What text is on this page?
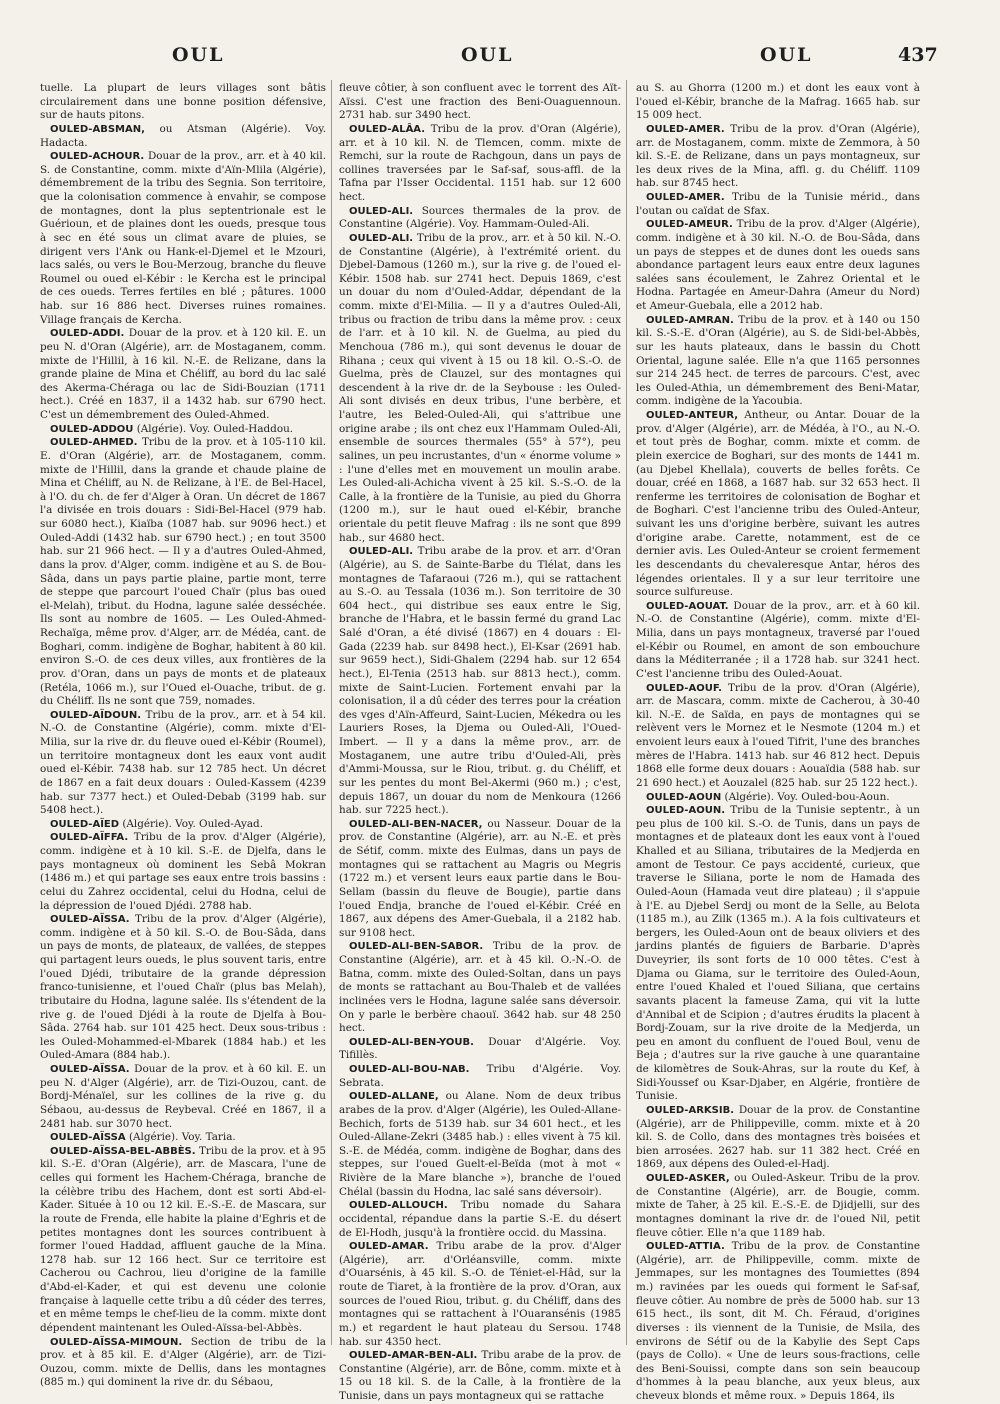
OUL	OUL	OUL	437

tuelle. La plupart de leurs villages sont bâtis circulairement dans une bonne position défensive, sur de hauts pitons.

OULED-ABSMAN, ou Atsman (Algérie). Voy. Hadacta.

OULED-ACHOUR. Douar de la prov., arr. et à 40 kil. S. de Constantine, comm. mixte d'Aïn-Mlila (Algérie), démembrement de la tribu des Segnia. Son territoire, que la colonisation commence à envahir, se compose de montagnes, dont la plus septentrionale est le Guérioun, et de plaines dont les oueds, presque tous à sec en été sous un climat avare de pluies, se dirigent vers l'Ank ou Hank-el-Djemel et le Mzouri, lacs salés, ou vers le Bou-Merzoug, branche du fleuve Roumel ou oued el-Kébir : le Kercha est le principal de ces oueds. Terres fertiles en blé ; pâtures. 1000 hab. sur 16 886 hect. Diverses ruines romaines. Village français de Kercha.

OULED-ADDI. Douar de la prov. et à 120 kil. E. un peu N. d'Oran (Algérie), arr. de Mostaganem, comm. mixte de l'Hillil, à 16 kil. N.-E. de Relizane, dans la grande plaine de Mina et Chéliff, au bord du lac salé des Akerma-Chéraga ou lac de Sidi-Bouzian (1711 hect.). Créé en 1837, il a 1432 hab. sur 6790 hect. C'est un démembrement des Ouled-Ahmed.

OULED-ADDOU (Algérie). Voy. Ouled-Haddou.

OULED-AHMED. Tribu de la prov. et à 105-110 kil. E. d'Oran (Algérie), arr. de Mostaganem, comm. mixte de l'Hillil, dans la grande et chaude plaine de Mina et Chéliff, au N. de Relizane, à l'E. de Bel-Hacel, à l'O. du ch. de fer d'Alger à Oran. Un décret de 1867 l'a divisée en trois douars : Sidi-Bel-Hacel (979 hab. sur 6080 hect.), Kiaïba (1087 hab. sur 9096 hect.) et Ouled-Addi (1432 hab. sur 6790 hect.) ; en tout 3500 hab. sur 21 966 hect. — Il y a d'autres Ouled-Ahmed, dans la prov. d'Alger, comm. indigène et au S. de Bou-Sâda, dans un pays partie plaine, partie mont, terre de steppe que parcourt l'oued Chaïr (plus bas oued el-Melah), tribut. du Hodna, lagune salée desséchée. Ils sont au nombre de 1605. — Les Ouled-Ahmed-Rechaïga, même prov. d'Alger, arr. de Médéa, cant. de Boghari, comm. indigène de Boghar, habitent à 80 kil. environ S.-O. de ces deux villes, aux frontières de la prov. d'Oran, dans un pays de monts et de plateaux (Retéla, 1066 m.), sur l'Oued el-Ouache, tribut. de g. du Chéliff. Ils ne sont que 759, nomades.

OULED-AÏDOUN. Tribu de la prov., arr. et à 54 kil. N.-O. de Constantine (Algérie), comm. mixte d'El-Milia, sur la rive dr. du fleuve oued el-Kébir (Roumel), un territoire montagneux dont les eaux vont audit oued el-Kébir. 7438 hab. sur 12 785 hect. Un décret de 1867 en a fait deux douars : Ouled-Kassem (4239 hab. sur 7377 hect.) et Ouled-Debab (3199 hab. sur 5408 hect.).

OULED-AÏED (Algérie). Voy. Ouled-Ayad.

OULED-AÏFFA. Tribu de la prov. d'Alger (Algérie), comm. indigène et à 10 kil. S.-E. de Djelfa, dans le pays montagneux où dominent les Sebâ Mokran (1486 m.) et qui partage ses eaux entre trois bassins : celui du Zahrez occidental, celui du Hodna, celui de la dépression de l'oued Djédi. 2788 hab.

OULED-AÏSSA. Tribu de la prov. d'Alger (Algérie), comm. indigène et à 50 kil. S.-O. de Bou-Sâda, dans un pays de monts, de plateaux, de vallées, de steppes qui partagent leurs oueds, le plus souvent taris, entre l'oued Djédi, tributaire de la grande dépression franco-tunisienne, et l'oued Chaïr (plus bas Melah), tributaire du Hodna, lagune salée. Ils s'étendent de la rive g. de l'oued Djédi à la route de Djelfa à Bou-Sâda. 2764 hab. sur 101 425 hect. Deux sous-tribus : les Ouled-Mohammed-el-Mbarek (1884 hab.) et les Ouled-Amara (884 hab.).

OULED-AÏSSA. Douar de la prov. et à 60 kil. E. un peu N. d'Alger (Algérie), arr. de Tizi-Ouzou, cant. de Bordj-Ménaïel, sur les collines de la rive g. du Sébaou, au-dessus de Reybeval. Créé en 1867, il a 2481 hab. sur 3070 hect.

OULED-AÏSSA (Algérie). Voy. Taria.

OULED-AÏSSA-BEL-ABBÈS. Tribu de la prov. et à 95 kil. S.-E. d'Oran (Algérie), arr. de Mascara, l'une de celles qui forment les Hachem-Chéraga, branche de la célèbre tribu des Hachem, dont est sorti Abd-el-Kader. Située à 10 ou 12 kil. E.-S.-E. de Mascara, sur la route de Frenda, elle habite la plaine d'Eghris et de petites montagnes dont les sources contribuent à former l'oued Haddad, affluent gauche de la Mina. 1278 hab. sur 12 166 hect. Sur ce territoire est Cacherou ou Cachrou, lieu d'origine de la famille d'Abd-el-Kader, et qui est devenu une colonie française à laquelle cette tribu a dû céder des terres, et en même temps le chef-lieu de la comm. mixte dont dépendent maintenant les Ouled-Aïssa-bel-Abbès.

OULED-AÏSSA-MIMOUN. Section de tribu de la prov. et à 85 kil. E. d'Alger (Algérie), arr. de Tizi-Ouzou, comm. mixte de Dellis, dans les montagnes (885 m.) qui dominent la rive dr. du Sébaou,

fleuve côtier, à son confluent avec le torrent des Aït-Aïssi. C'est une fraction des Beni-Ouaguennoun. 2731 hab. sur 3490 hect.

OULED-ALÂA. Tribu de la prov. d'Oran (Algérie), arr. et à 10 kil. N. de Tlemcen, comm. mixte de Remchi, sur la route de Rachgoun, dans un pays de collines traversées par le Saf-saf, sous-affl. de la Tafna par l'Isser Occidental. 1151 hab. sur 12 600 hect.

OULED-ALI. Sources thermales de la prov. de Constantine (Algérie). Voy. Hammam-Ouled-Ali.

OULED-ALI. Tribu de la prov., arr. et à 50 kil. N.-O. de Constantine (Algérie), à l'extrémité orient. du Djebel-Damous (1260 m.), sur la rive g. de l'oued el-Kébir. 1508 hab. sur 2741 hect. Depuis 1869, c'est un douar du nom d'Ouled-Addar, dépendant de la comm. mixte d'El-Milia. — Il y a d'autres Ouled-Ali, tribus ou fraction de tribu dans la même prov. : ceux de l'arr. et à 10 kil. N. de Guelma, au pied du Menchoua (786 m.), qui sont devenus le douar de Rihana ; ceux qui vivent à 15 ou 18 kil. O.-S.-O. de Guelma, près de Clauzel, sur des montagnes qui descendent à la rive dr. de la Seybouse : les Ouled-Ali sont divisés en deux tribus, l'une berbère, et l'autre, les Beled-Ouled-Ali, qui s'attribue une origine arabe ; ils ont chez eux l'Hammam Ouled-Ali, ensemble de sources thermales (55° à 57°), peu salines, un peu incrustantes, d'un « énorme volume » : l'une d'elles met en mouvement un moulin arabe. Les Ouled-ali-Achicha vivent à 25 kil. S.-S.-O. de la Calle, à la frontière de la Tunisie, au pied du Ghorra (1200 m.), sur le haut oued el-Kébir, branche orientale du petit fleuve Mafrag : ils ne sont que 899 hab., sur 4680 hect.

OULED-ALI. Tribu arabe de la prov. et arr. d'Oran (Algérie), au S. de Sainte-Barbe du Tlélat, dans les montagnes de Tafaraoui (726 m.), qui se rattachent au S.-O. au Tessala (1036 m.). Son territoire de 30 604 hect., qui distribue ses eaux entre le Sig, branche de l'Habra, et le bassin fermé du grand Lac Salé d'Oran, a été divisé (1867) en 4 douars : El-Gada (2239 hab. sur 8498 hect.), El-Ksar (2691 hab. sur 9659 hect.), Sidi-Ghalem (2294 hab. sur 12 654 hect.), El-Tenia (2513 hab. sur 8813 hect.), comm. mixte de Saint-Lucien. Fortement envahi par la colonisation, il a dû céder des terres pour la création des vges d'Aïn-Affeurd, Saint-Lucien, Mékedra ou les Lauriers Roses, la Djema ou Ouled-Ali, l'Oued-Imbert. — Il y a dans la même prov., arr. de Mostaganem, une autre tribu d'Ouled-Ali, près d'Ammi-Moussa, sur le Riou, tribut. g. du Chéliff, et sur les pentes du mont Bel-Akermi (960 m.) ; c'est, depuis 1867, un douar du nom de Menkoura (1266 hab. sur 7225 hect.).

OULED-ALI-BEN-NACER, ou Nasseur. Douar de la prov. de Constantine (Algérie), arr. au N.-E. et près de Sétif, comm. mixte des Eulmas, dans un pays de montagnes qui se rattachent au Magris ou Megris (1722 m.) et versent leurs eaux partie dans le Bou-Sellam (bassin du fleuve de Bougie), partie dans l'oued Endja, branche de l'oued el-Kébir. Créé en 1867, aux dépens des Amer-Guebala, il a 2182 hab. sur 9108 hect.

OULED-ALI-BEN-SABOR. Tribu de la prov. de Constantine (Algérie), arr. et à 45 kil. O.-N.-O. de Batna, comm. mixte des Ouled-Soltan, dans un pays de monts se rattachant au Bou-Thaleb et de vallées inclinées vers le Hodna, lagune salée sans déversoir. On y parle le berbère chaouï. 3642 hab. sur 48 250 hect.

OULED-ALI-BEN-YOUB. Douar d'Algérie. Voy. Tifillès.

OULED-ALI-BOU-NAB. Tribu d'Algérie. Voy. Sebrata.

OULED-ALLANE, ou Alane. Nom de deux tribus arabes de la prov. d'Alger (Algérie), les Ouled-Allane-Bechich, forts de 5139 hab. sur 34 601 hect., et les Ouled-Allane-Zekri (3485 hab.) : elles vivent à 75 kil. S.-E. de Médéa, comm. indigène de Boghar, dans des steppes, sur l'oued Guelt-el-Beïda (mot à mot « Rivière de la Mare blanche »), branche de l'oued Chélal (bassin du Hodna, lac salé sans déversoir).

OULED-ALLOUCH. Tribu nomade du Sahara occidental, répandue dans la partie S.-E. du désert de El-Hodh, jusqu'à la frontière occid. du Massina.

OULED-AMAR. Tribu arabe de la prov. d'Alger (Algérie), arr. d'Orléansville, comm. mixte d'Ouarsénis, à 45 kil. S.-O. de Téniet-el-Hâd, sur la route de Tiaret, à la frontière de la prov. d'Oran, aux sources de l'oued Riou, tribut. g. du Chéliff, dans des montagnes qui se rattachent à l'Ouaransénis (1985 m.) et regardent le haut plateau du Sersou. 1748 hab. sur 4350 hect.

OULED-AMAR-BEN-ALI. Tribu arabe de la prov. de Constantine (Algérie), arr. de Bône, comm. mixte et à 15 ou 18 kil. S. de la Calle, à la frontière de la Tunisie, dans un pays montagneux qui se rattache

au S. au Ghorra (1200 m.) et dont les eaux vont à l'oued el-Kébir, branche de la Mafrag. 1665 hab. sur 15 009 hect.

OULED-AMER. Tribu de la prov. d'Oran (Algérie), arr. de Mostaganem, comm. mixte de Zemmora, à 50 kil. S.-E. de Relizane, dans un pays montagneux, sur les deux rives de la Mina, affl. g. du Chéliff. 1109 hab. sur 8745 hect.

OULED-AMER. Tribu de la Tunisie mérid., dans l'outan ou caïdat de Sfax.

OULED-AMEUR. Tribu de la prov. d'Alger (Algérie), comm. indigène et à 30 kil. N.-O. de Bou-Sâda, dans un pays de steppes et de dunes dont les oueds sans abondance partagent leurs eaux entre deux lagunes salées sans écoulement, le Zahrez Oriental et le Hodna. Partagée en Ameur-Dahra (Ameur du Nord) et Ameur-Guebala, elle a 2012 hab.

OULED-AMRAN. Tribu de la prov. et à 140 ou 150 kil. S.-S.-E. d'Oran (Algérie), au S. de Sidi-bel-Abbès, sur les hauts plateaux, dans le bassin du Chott Oriental, lagune salée. Elle n'a que 1165 personnes sur 214 245 hect. de terres de parcours. C'est, avec les Ouled-Athia, un démembrement des Beni-Matar, comm. indigène de la Yacoubia.

OULED-ANTEUR, Antheur, ou Antar. Douar de la prov. d'Alger (Algérie), arr. de Médéa, à l'O., au N.-O. et tout près de Boghar, comm. mixte et comm. de plein exercice de Boghari, sur des monts de 1441 m. (au Djebel Khellala), couverts de belles forêts. Ce douar, créé en 1868, a 1687 hab. sur 32 653 hect. Il renferme les territoires de colonisation de Boghar et de Boghari. C'est l'ancienne tribu des Ouled-Anteur, suivant les uns d'origine berbère, suivant les autres d'origine arabe. Carette, notamment, est de ce dernier avis. Les Ouled-Anteur se croient fermement les descendants du chevaleresque Antar, héros des légendes orientales. Il y a sur leur territoire une source sulfureuse.

OULED-AOUAT. Douar de la prov., arr. et à 60 kil. N.-O. de Constantine (Algérie), comm. mixte d'El-Milia, dans un pays montagneux, traversé par l'oued el-Kébir ou Roumel, en amont de son embouchure dans la Méditerranée ; il a 1728 hab. sur 3241 hect. C'est l'ancienne tribu des Ouled-Aouat.

OULED-AOUF. Tribu de la prov. d'Oran (Algérie), arr. de Mascara, comm. mixte de Cacherou, à 30-40 kil. N.-E. de Saïda, en pays de montagnes qui se relèvent vers le Mornez et le Nesmote (1204 m.) et envoient leurs eaux à l'oued Tifrit, l'une des branches mères de l'Habra. 1413 hab. sur 46 812 hect. Depuis 1868 elle forme deux douars : Aouaïdia (588 hab. sur 21 690 hect.) et Aouzalel (825 hab. sur 25 122 hect.).

OULED-AOUN (Algérie). Voy. Ouled-bou-Aoun.

OULED-AOUN. Tribu de la Tunisie septentr., à un peu plus de 100 kil. S.-O. de Tunis, dans un pays de montagnes et de plateaux dont les eaux vont à l'oued Khalled et au Siliana, tributaires de la Medjerda en amont de Testour. Ce pays accidenté, curieux, que traverse le Siliana, porte le nom de Hamada des Ouled-Aoun (Hamada veut dire plateau) ; il s'appuie à l'E. au Djebel Serdj ou mont de la Selle, au Belota (1185 m.), au Zilk (1365 m.). A la fois cultivateurs et bergers, les Ouled-Aoun ont de beaux oliviers et des jardins plantés de figuiers de Barbarie. D'après Duveyrier, ils sont forts de 10 000 têtes. C'est à Djama ou Giama, sur le territoire des Ouled-Aoun, entre l'oued Khaled et l'oued Siliana, que certains savants placent la fameuse Zama, qui vit la lutte d'Annibal et de Scipion ; d'autres érudits la placent à Bordj-Zouam, sur la rive droite de la Medjerda, un peu en amont du confluent de l'oued Boul, venu de Beja ; d'autres sur la rive gauche à une quarantaine de kilomètres de Souk-Ahras, sur la route du Kef, à Sidi-Youssef ou Ksar-Djaber, en Algérie, frontière de Tunisie.

OULED-ARKSIB. Douar de la prov. de Constantine (Algérie), arr de Philippeville, comm. mixte et à 20 kil. S. de Collo, dans des montagnes très boisées et bien arrosées. 2627 hab. sur 11 382 hect. Créé en 1869, aux dépens des Ouled-el-Hadj.

OULED-ASKER, ou Ouled-Askeur. Tribu de la prov. de Constantine (Algérie), arr. de Bougie, comm. mixte de Taher, à 25 kil. E.-S.-E. de Djidjelli, sur des montagnes dominant la rive dr. de l'oued Nil, petit fleuve côtier. Elle n'a que 1189 hab.

OULED-ATTIA. Tribu de la prov. de Constantine (Algérie), arr. de Philippeville, comm. mixte de Jemmapes, sur les montagnes des Toumiettes (894 m.) ravinées par les oueds qui forment le Saf-saf, fleuve côtier. Au nombre de près de 5000 hab. sur 13 615 hect., ils sont, dit M. Ch. Féraud, d'origines diverses : ils viennent de la Tunisie, de Msila, des environs de Sétif ou de la Kabylie des Sept Caps (pays de Collo). « Une de leurs sous-fractions, celle des Beni-Souissi, compte dans son sein beaucoup d'hommes à la peau blanche, aux yeux bleus, aux cheveux blonds et même roux. » Depuis 1864, ils
